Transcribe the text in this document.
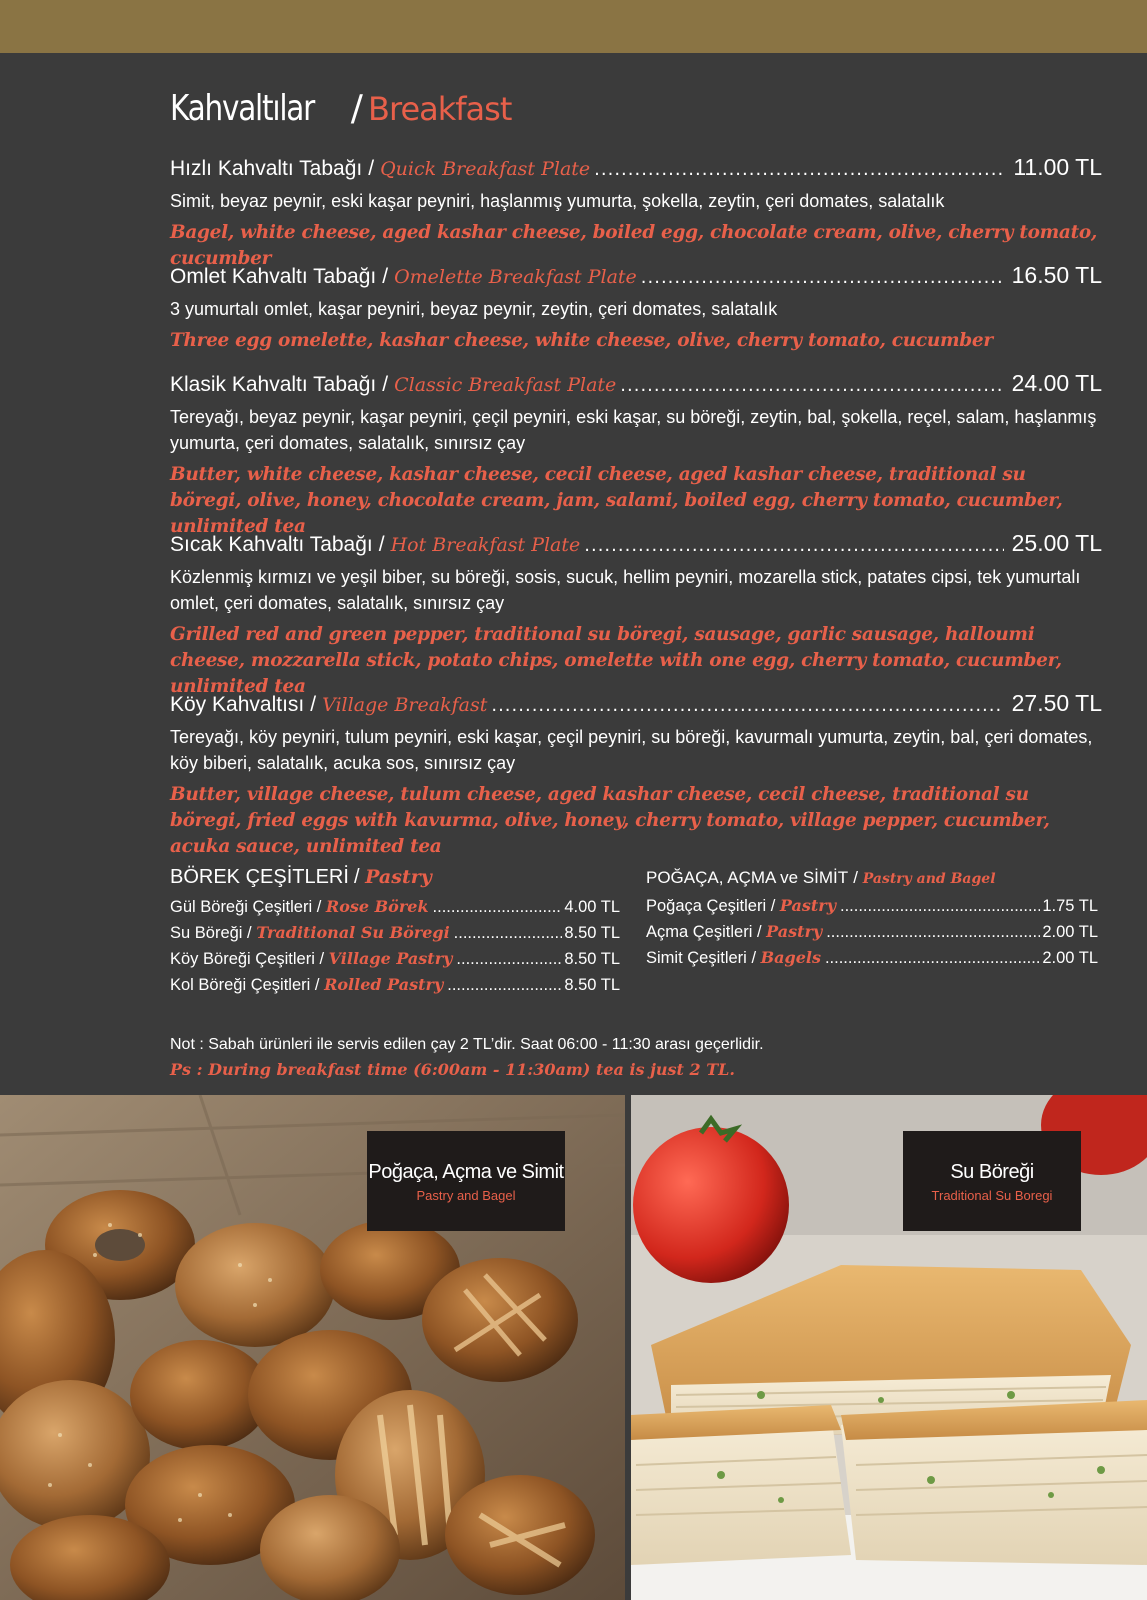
Kahvaltılar / Breakfast
Hızlı Kahvaltı Tabağı / Quick Breakfast Plate .....	11.00 TL
Simit, beyaz peynir, eski kaşar peyniri, haşlanmış yumurta, şokella, zeytin, çeri domates, salatalık
Bagel, white cheese, aged kashar cheese, boiled egg, chocolate cream, olive, cherry tomato, cucumber
Omlet Kahvaltı Tabağı / Omelette Breakfast Plate .....	16.50 TL
3 yumurtalı omlet, kaşar peyniri, beyaz peynir, zeytin, çeri domates, salatalık
Three egg omelette, kashar cheese, white cheese, olive, cherry tomato, cucumber
Klasik Kahvaltı Tabağı / Classic Breakfast Plate .....	24.00 TL
Tereyağı, beyaz peynir, kaşar peyniri, çeçil peyniri, eski kaşar, su böreği, zeytin, bal, şokella, reçel, salam, haşlanmış yumurta, çeri domates, salatalık, sınırsız çay
Butter, white cheese, kashar cheese, cecil cheese, aged kashar cheese, traditional su böregi, olive, honey, chocolate cream, jam, salami, boiled egg, cherry tomato, cucumber, unlimited tea
Sıcak Kahvaltı Tabağı / Hot Breakfast Plate .....	25.00 TL
Közlenmiş kırmızı ve yeşil biber, su böreği, sosis, sucuk, hellim peyniri, mozarella stick, patates cipsi, tek yumurtalı omlet, çeri domates, salatalık, sınırsız çay
Grilled red and green pepper, traditional su böregi, sausage, garlic sausage, halloumi cheese, mozzarella stick, potato chips, omelette with one egg, cherry tomato, cucumber, unlimited tea
Köy Kahvaltısı / Village Breakfast .....	27.50 TL
Tereyağı, köy peyniri, tulum peyniri, eski kaşar, çeçil peyniri, su böreği, kavurmalı yumurta, zeytin, bal, çeri domates, köy biberi, salatalık, acuka sos, sınırsız çay
Butter, village cheese, tulum cheese, aged kashar cheese, cecil cheese, traditional su böregi, fried eggs with kavurma, olive, honey, cherry tomato, village pepper, cucumber, acuka sauce, unlimited tea
BÖREK ÇEŞİTLERİ / Pastry
Gül Böreği Çeşitleri / Rose Börek .....	4.00 TL
Su Böreği / Traditional Su Böregi .....	8.50 TL
Köy Böreği Çeşitleri / Village Pastry .....	8.50 TL
Kol Böreği Çeşitleri / Rolled Pastry .....	8.50 TL
POĞAÇA, AÇMA ve SİMİT / Pastry and Bagel
Poğaça Çeşitleri / Pastry .....	1.75 TL
Açma Çeşitleri / Pastry .....	2.00 TL
Simit Çeşitleri / Bagels .....	2.00 TL
Not : Sabah ürünleri ile servis edilen çay 2 TL’dir. Saat 06:00 - 11:30 arası geçerlidir.
Ps : During breakfast time (6:00am - 11:30am) tea is just 2 TL.
Poğaça, Açma ve Simit
Pastry and Bagel
Su Böreği
Traditional Su Boregi
